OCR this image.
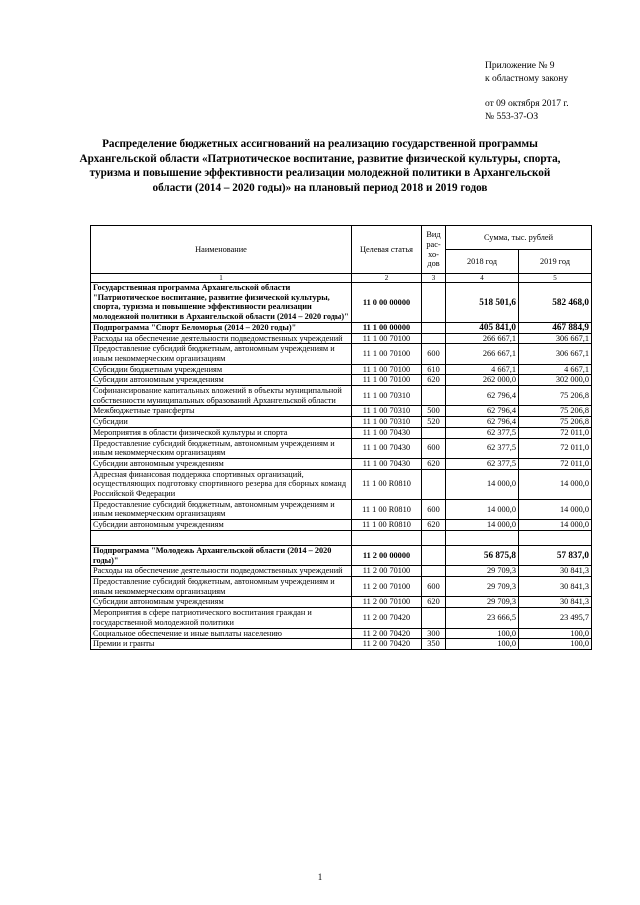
Приложение № 9
к областному закону
от 09 октября 2017 г.
№ 553-37-ОЗ
Распределение бюджетных ассигнований на реализацию государственной программы Архангельской области «Патриотическое воспитание, развитие физической культуры, спорта, туризма и повышение эффективности реализации молодежной политики в Архангельской области (2014 – 2020 годы)» на плановый период 2018 и 2019 годов
Наименование	Целевая статья	Вид рас-хо-дов	Сумма, тыс. рублей	
			2018 год	2019 год
1	2	3	4	5
Государственная программа Архангельской области "Патриотическое воспитание, развитие физической культуры, спорта, туризма и повышение эффективности реализации молодежной политики в Архангельской области (2014 – 2020 годы)"	11 0 00 00000		518 501,6	582 468,0
Подпрограмма "Спорт Беломорья (2014 – 2020 годы)"	11 1 00 00000		405 841,0	467 884,9
Расходы на обеспечение деятельности подведомственных учреждений	11 1 00 70100		266 667,1	306 667,1
Предоставление субсидий бюджетным, автономным учреждениям и иным некоммерческим организациям	11 1 00 70100	600	266 667,1	306 667,1
Субсидии бюджетным учреждениям	11 1 00 70100	610	4 667,1	4 667,1
Субсидии автономным учреждениям	11 1 00 70100	620	262 000,0	302 000,0
Софинансирование капитальных вложений в объекты муниципальной собственности муниципальных образований Архангельской области	11 1 00 70310		62 796,4	75 206,8
Межбюджетные трансферты	11 1 00 70310	500	62 796,4	75 206,8
Субсидии	11 1 00 70310	520	62 796,4	75 206,8
Мероприятия в области физической культуры и спорта	11 1 00 70430		62 377,5	72 011,0
Предоставление субсидий бюджетным, автономным учреждениям и иным некоммерческим организациям	11 1 00 70430	600	62 377,5	72 011,0
Субсидии автономным учреждениям	11 1 00 70430	620	62 377,5	72 011,0
Адресная финансовая поддержка спортивных организаций, осуществляющих подготовку спортивного резерва для сборных команд Российской Федерации	11 1 00 R0810		14 000,0	14 000,0
Предоставление субсидий бюджетным, автономным учреждениям и иным некоммерческим организациям	11 1 00 R0810	600	14 000,0	14 000,0
Субсидии автономным учреждениям	11 1 00 R0810	620	14 000,0	14 000,0

Подпрограмма "Молодежь Архангельской области (2014 – 2020 годы)"	11 2 00 00000		56 875,8	57 837,0
Расходы на обеспечение деятельности подведомственных учреждений	11 2 00 70100		29 709,3	30 841,3
Предоставление субсидий бюджетным, автономным учреждениям и иным некоммерческим организациям	11 2 00 70100	600	29 709,3	30 841,3
Субсидии автономным учреждениям	11 2 00 70100	620	29 709,3	30 841,3
Мероприятия в сфере патриотического воспитания граждан и государственной молодежной политики	11 2 00 70420		23 666,5	23 495,7
Социальное обеспечение и иные выплаты населению	11 2 00 70420	300	100,0	100,0
Премии и гранты	11 2 00 70420	350	100,0	100,0
1
